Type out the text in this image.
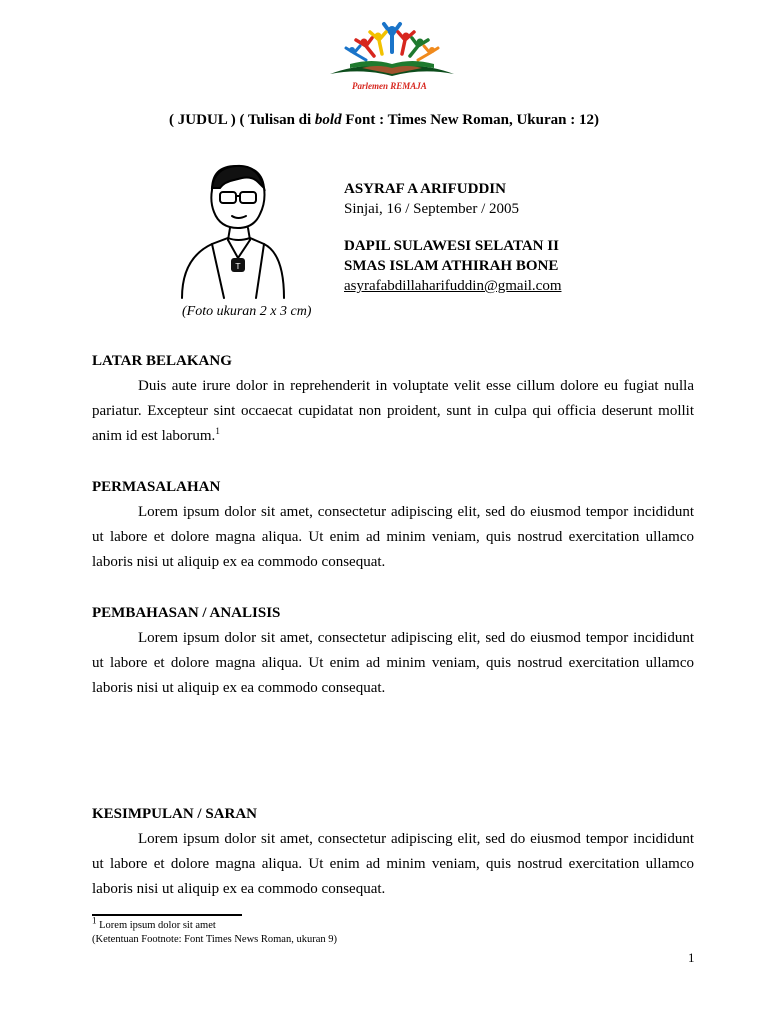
Parlemen REMAJA
( JUDUL ) ( Tulisan di bold Font : Times New Roman, Ukuran : 12)
T
(Foto ukuran 2 x 3 cm)
ASYRAF A ARIFUDDIN
Sinjai, 16 / September / 2005
DAPIL SULAWESI SELATAN II
SMAS ISLAM ATHIRAH BONE
asyrafabdillaharifuddin@gmail.com
LATAR BELAKANG
Duis aute irure dolor in reprehenderit in voluptate velit esse cillum dolore eu fugiat nulla pariatur. Excepteur sint occaecat cupidatat non proident, sunt in culpa qui officia deserunt mollit anim id est laborum.$^1$
PERMASALAHAN
Lorem ipsum dolor sit amet, consectetur adipiscing elit, sed do eiusmod tempor incididunt ut labore et dolore magna aliqua. Ut enim ad minim veniam, quis nostrud exercitation ullamco laboris nisi ut aliquip ex ea commodo consequat.
PEMBAHASAN / ANALISIS
Lorem ipsum dolor sit amet, consectetur adipiscing elit, sed do eiusmod tempor incididunt ut labore et dolore magna aliqua. Ut enim ad minim veniam, quis nostrud exercitation ullamco laboris nisi ut aliquip ex ea commodo consequat.
KESIMPULAN / SARAN
Lorem ipsum dolor sit amet, consectetur adipiscing elit, sed do eiusmod tempor incididunt ut labore et dolore magna aliqua. Ut enim ad minim veniam, quis nostrud exercitation ullamco laboris nisi ut aliquip ex ea commodo consequat.
$^1$ Lorem ipsum dolor sit amet
(Ketentuan Footnote: Font Times News Roman, ukuran 9)
1
